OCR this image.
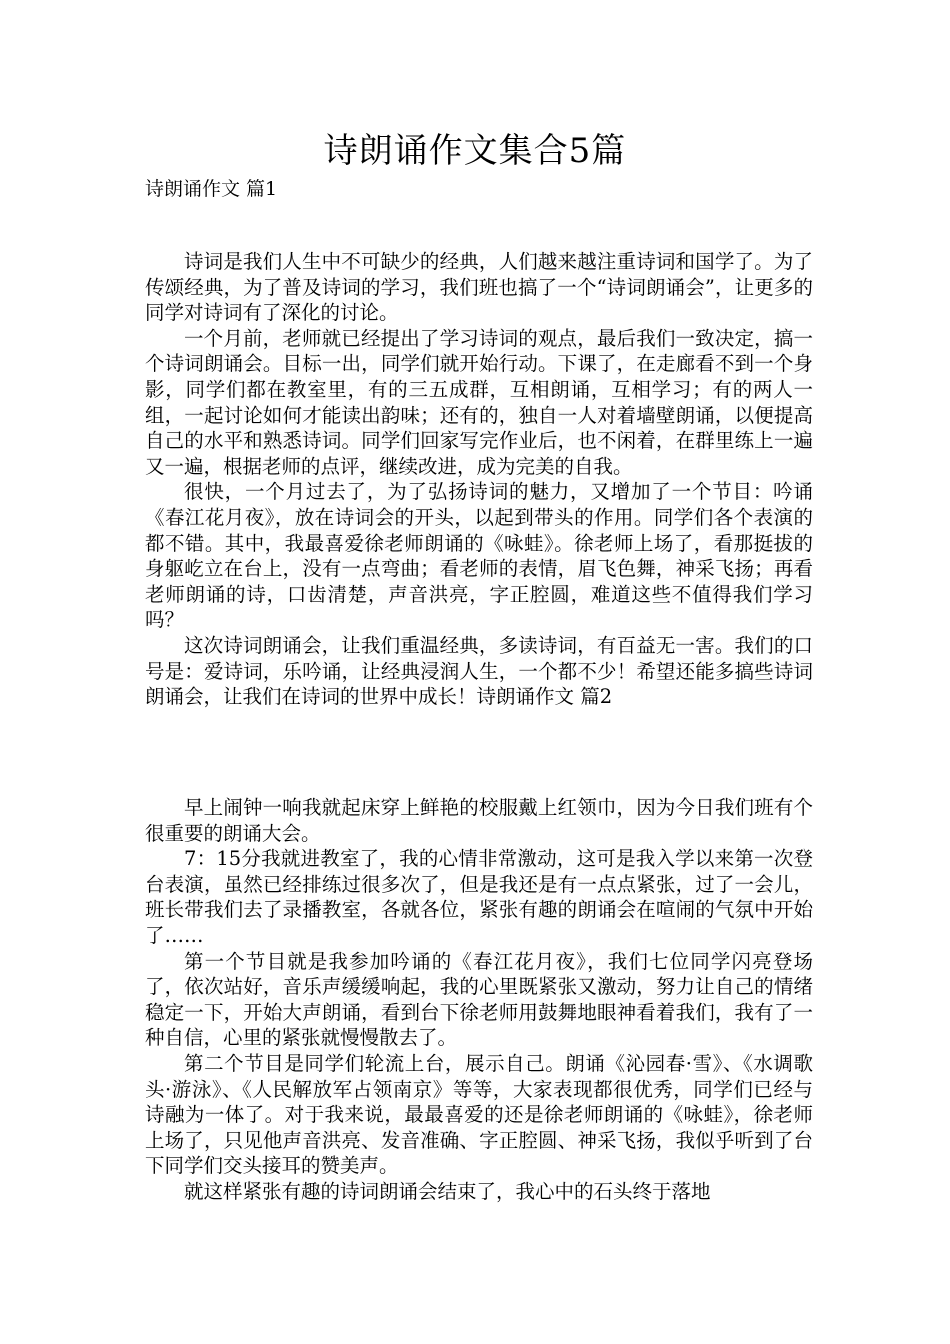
诗朗诵作文集合5篇
诗朗诵作文 篇1

诗词是我们人生中不可缺少的经典，人们越来越注重诗词和国学了。为了传颂经典，为了普及诗词的学习，我们班也搞了一个“诗词朗诵会”，让更多的同学对诗词有了深化的讨论。

一个月前，老师就已经提出了学习诗词的观点，最后我们一致决定，搞一个诗词朗诵会。目标一出，同学们就开始行动。下课了，在走廊看不到一个身影，同学们都在教室里，有的三五成群，互相朗诵，互相学习；有的两人一组，一起讨论如何才能读出韵味；还有的，独自一人对着墙壁朗诵，以便提高自己的水平和熟悉诗词。同学们回家写完作业后，也不闲着，在群里练上一遍又一遍，根据老师的点评，继续改进，成为完美的自我。

很快，一个月过去了，为了弘扬诗词的魅力，又增加了一个节目：吟诵《春江花月夜》，放在诗词会的开头，以起到带头的作用。同学们各个表演的都不错。其中，我最喜爱徐老师朗诵的《咏蛙》。徐老师上场了，看那挺拔的身躯屹立在台上，没有一点弯曲；看老师的表情，眉飞色舞，神采飞扬；再看老师朗诵的诗，口齿清楚，声音洪亮，字正腔圆，难道这些不值得我们学习吗？

这次诗词朗诵会，让我们重温经典，多读诗词，有百益无一害。我们的口号是：爱诗词，乐吟诵，让经典浸润人生，一个都不少！希望还能多搞些诗词朗诵会，让我们在诗词的世界中成长！诗朗诵作文 篇2

早上闹钟一响我就起床穿上鲜艳的校服戴上红领巾，因为今日我们班有个很重要的朗诵大会。

7：15分我就进教室了，我的心情非常激动，这可是我入学以来第一次登台表演，虽然已经排练过很多次了，但是我还是有一点点紧张，过了一会儿，班长带我们去了录播教室，各就各位，紧张有趣的朗诵会在喧闹的气氛中开始了……

第一个节目就是我参加吟诵的《春江花月夜》，我们七位同学闪亮登场了，依次站好，音乐声缓缓响起，我的心里既紧张又激动，努力让自己的情绪稳定一下，开始大声朗诵，看到台下徐老师用鼓舞地眼神看着我们，我有了一种自信，心里的紧张就慢慢散去了。

第二个节目是同学们轮流上台，展示自己。朗诵《沁园春·雪》、《水调歌头·游泳》、《人民解放军占领南京》等等，大家表现都很优秀，同学们已经与诗融为一体了。对于我来说，最最喜爱的还是徐老师朗诵的《咏蛙》，徐老师上场了，只见他声音洪亮、发音准确、字正腔圆、神采飞扬，我似乎听到了台下同学们交头接耳的赞美声。

就这样紧张有趣的诗词朗诵会结束了，我心中的石头终于落地
